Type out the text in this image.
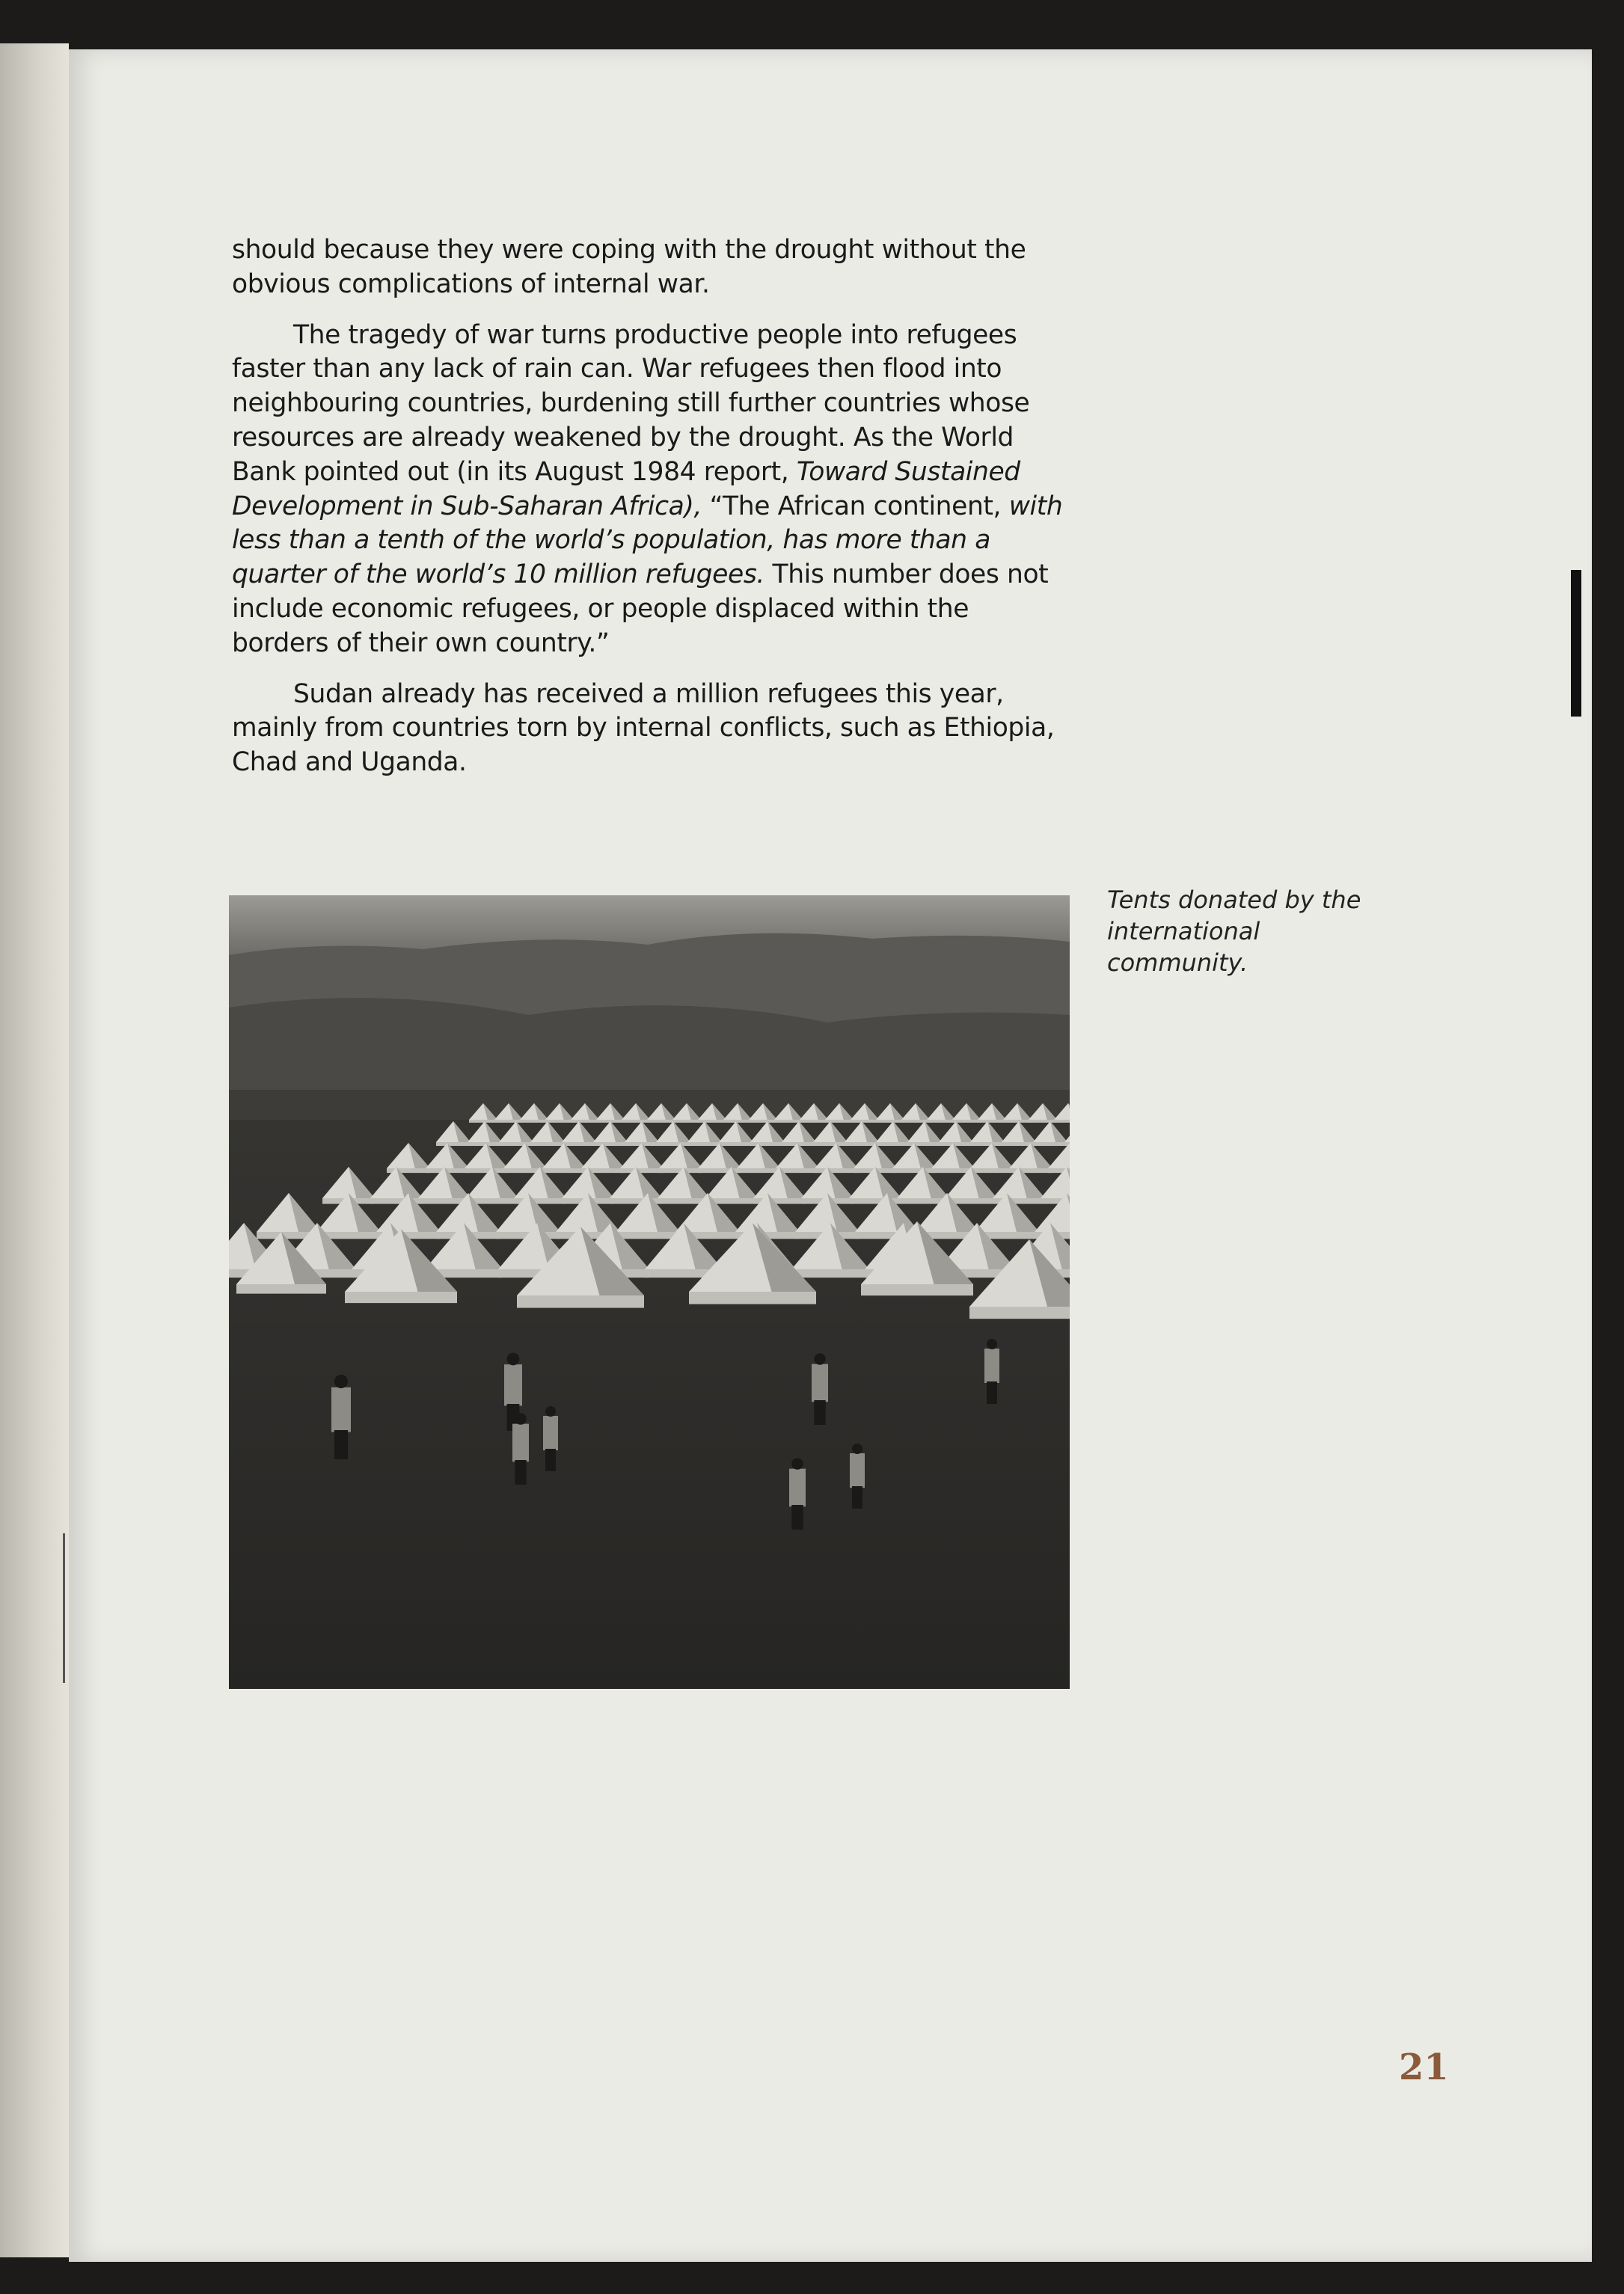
should because they were coping with the drought without the obvious complications of internal war.

The tragedy of war turns productive people into refugees faster than any lack of rain can. War refugees then flood into neighbouring countries, burdening still further countries whose resources are already weakened by the drought. As the World Bank pointed out (in its August 1984 report, Toward Sustained Development in Sub-Saharan Africa), “The African continent, with less than a tenth of the world’s population, has more than a quarter of the world’s 10 million refugees. This number does not include economic refugees, or people displaced within the borders of their own country.”

Sudan already has received a million refugees this year, mainly from countries torn by internal conflicts, such as Ethiopia, Chad and Uganda.

Tents donated by the international community.
21
